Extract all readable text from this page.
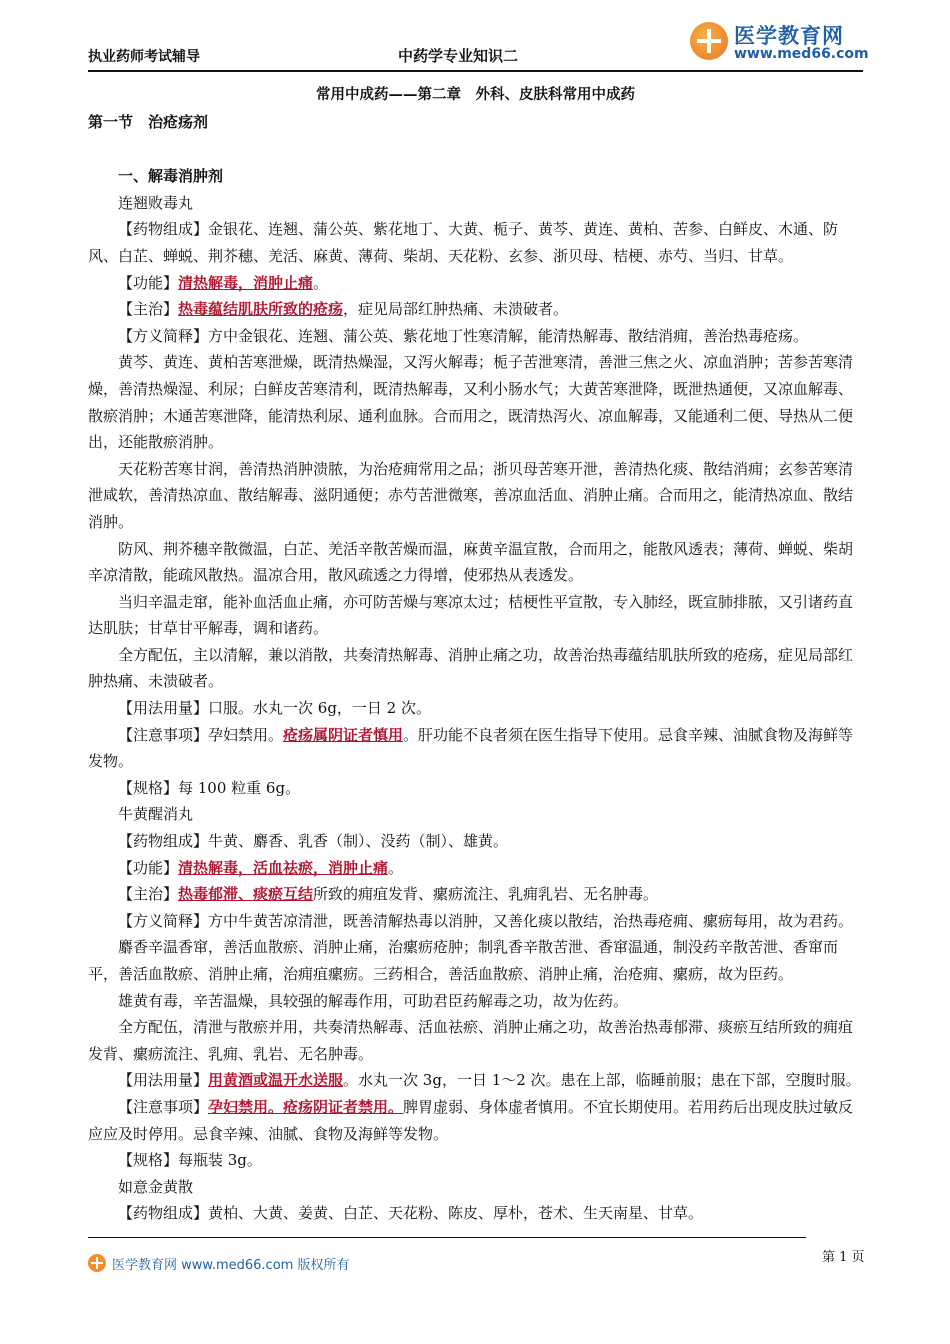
执业药师考试辅导	中药学专业知识二
医学教育网
www.med66.com

常用中成药——第二章　外科、皮肤科常用中成药

第一节　治疮疡剂

一、解毒消肿剂

连翘败毒丸

【药物组成】金银花、连翘、蒲公英、紫花地丁、大黄、栀子、黄芩、黄连、黄柏、苦参、白鲜皮、木通、防风、白芷、蝉蜕、荆芥穗、羌活、麻黄、薄荷、柴胡、天花粉、玄参、浙贝母、桔梗、赤芍、当归、甘草。

【功能】清热解毒，消肿止痛。

【主治】热毒蕴结肌肤所致的疮疡，症见局部红肿热痛、未溃破者。

【方义简释】方中金银花、连翘、蒲公英、紫花地丁性寒清解，能清热解毒、散结消痈，善治热毒疮疡。

黄芩、黄连、黄柏苦寒泄燥，既清热燥湿，又泻火解毒；栀子苦泄寒清，善泄三焦之火、凉血消肿；苦参苦寒清燥，善清热燥湿、利尿；白鲜皮苦寒清利，既清热解毒，又利小肠水气；大黄苦寒泄降，既泄热通便，又凉血解毒、散瘀消肿；木通苦寒泄降，能清热利尿、通利血脉。合而用之，既清热泻火、凉血解毒，又能通利二便、导热从二便出，还能散瘀消肿。

天花粉苦寒甘润，善清热消肿溃脓，为治疮痈常用之品；浙贝母苦寒开泄，善清热化痰、散结消痈；玄参苦寒清泄咸软，善清热凉血、散结解毒、滋阴通便；赤芍苦泄微寒，善凉血活血、消肿止痛。合而用之，能清热凉血、散结消肿。

防风、荆芥穗辛散微温，白芷、羌活辛散苦燥而温，麻黄辛温宣散，合而用之，能散风透表；薄荷、蝉蜕、柴胡辛凉清散，能疏风散热。温凉合用，散风疏透之力得增，使邪热从表透发。

当归辛温走窜，能补血活血止痛，亦可防苦燥与寒凉太过；桔梗性平宣散，专入肺经，既宣肺排脓，又引诸药直达肌肤；甘草甘平解毒，调和诸药。

全方配伍，主以清解，兼以消散，共奏清热解毒、消肿止痛之功，故善治热毒蕴结肌肤所致的疮疡，症见局部红肿热痛、未溃破者。

【用法用量】口服。水丸一次 6g，一日 2 次。

【注意事项】孕妇禁用。疮疡属阴证者慎用。肝功能不良者须在医生指导下使用。忌食辛辣、油腻食物及海鲜等发物。

【规格】每 100 粒重 6g。

牛黄醒消丸

【药物组成】牛黄、麝香、乳香（制）、没药（制）、雄黄。

【功能】清热解毒，活血祛瘀，消肿止痛。

【主治】热毒郁滞、痰瘀互结所致的痈疽发背、瘰疬流注、乳痈乳岩、无名肿毒。

【方义简释】方中牛黄苦凉清泄，既善清解热毒以消肿，又善化痰以散结，治热毒疮痈、瘰疬每用，故为君药。

麝香辛温香窜，善活血散瘀、消肿止痛，治瘰疬疮肿；制乳香辛散苦泄、香窜温通，制没药辛散苦泄、香窜而平，善活血散瘀、消肿止痛，治痈疽瘰疬。三药相合，善活血散瘀、消肿止痛，治疮痈、瘰疬，故为臣药。

雄黄有毒，辛苦温燥，具较强的解毒作用，可助君臣药解毒之功，故为佐药。

全方配伍，清泄与散瘀并用，共奏清热解毒、活血祛瘀、消肿止痛之功，故善治热毒郁滞、痰瘀互结所致的痈疽发背、瘰疬流注、乳痈、乳岩、无名肿毒。

【用法用量】用黄酒或温开水送服。水丸一次 3g，一日 1～2 次。患在上部，临睡前服；患在下部，空腹时服。

【注意事项】孕妇禁用。疮疡阴证者禁用。脾胃虚弱、身体虚者慎用。不宜长期使用。若用药后出现皮肤过敏反应应及时停用。忌食辛辣、油腻、食物及海鲜等发物。

【规格】每瓶装 3g。

如意金黄散

【药物组成】黄柏、大黄、姜黄、白芷、天花粉、陈皮、厚朴，苍术、生天南星、甘草。

医学教育网 www.med66.com 版权所有
第 1 页
